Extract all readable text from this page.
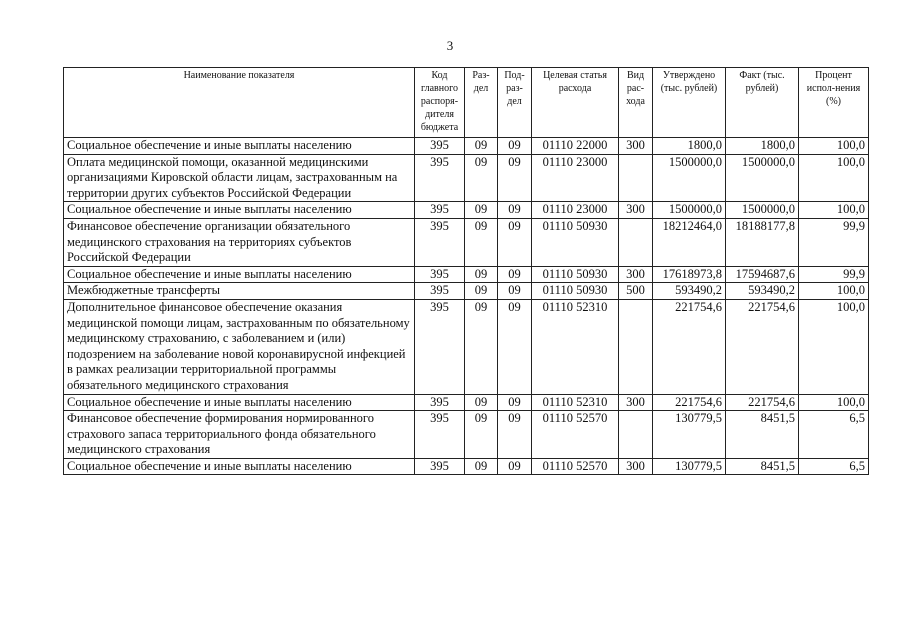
3
Наименование показателя	Код главного распоря-дителя бюджета	Раз-дел	Под-раз-дел	Целевая статья расхода	Вид рас-хода	Утверждено (тыс. рублей)	Факт (тыс. рублей)	Процент испол-нения (%)
Социальное обеспечение и иные выплаты населению	395	09	09	01110 22000	300	1800,0	1800,0	100,0
Оплата медицинской помощи, оказанной медицинскими организациями Кировской области лицам, застрахованным на территории других субъектов Российской Федерации	395	09	09	01110 23000		1500000,0	1500000,0	100,0
Социальное обеспечение и иные выплаты населению	395	09	09	01110 23000	300	1500000,0	1500000,0	100,0
Финансовое обеспечение организации обязательного медицинского страхования на территориях субъектов Российской Федерации	395	09	09	01110 50930		18212464,0	18188177,8	99,9
Социальное обеспечение и иные выплаты населению	395	09	09	01110 50930	300	17618973,8	17594687,6	99,9
Межбюджетные трансферты	395	09	09	01110 50930	500	593490,2	593490,2	100,0
Дополнительное финансовое обеспечение оказания медицинской помощи лицам, застрахованным по обязательному медицинскому страхованию, с заболеванием и (или) подозрением на заболевание новой коронавирусной инфекцией в рамках реализации территориальной программы обязательного медицинского страхования	395	09	09	01110 52310		221754,6	221754,6	100,0
Социальное обеспечение и иные выплаты населению	395	09	09	01110 52310	300	221754,6	221754,6	100,0
Финансовое обеспечение формирования нормированного страхового запаса территориального фонда обязательного медицинского страхования	395	09	09	01110 52570		130779,5	8451,5	6,5
Социальное обеспечение и иные выплаты населению	395	09	09	01110 52570	300	130779,5	8451,5	6,5
